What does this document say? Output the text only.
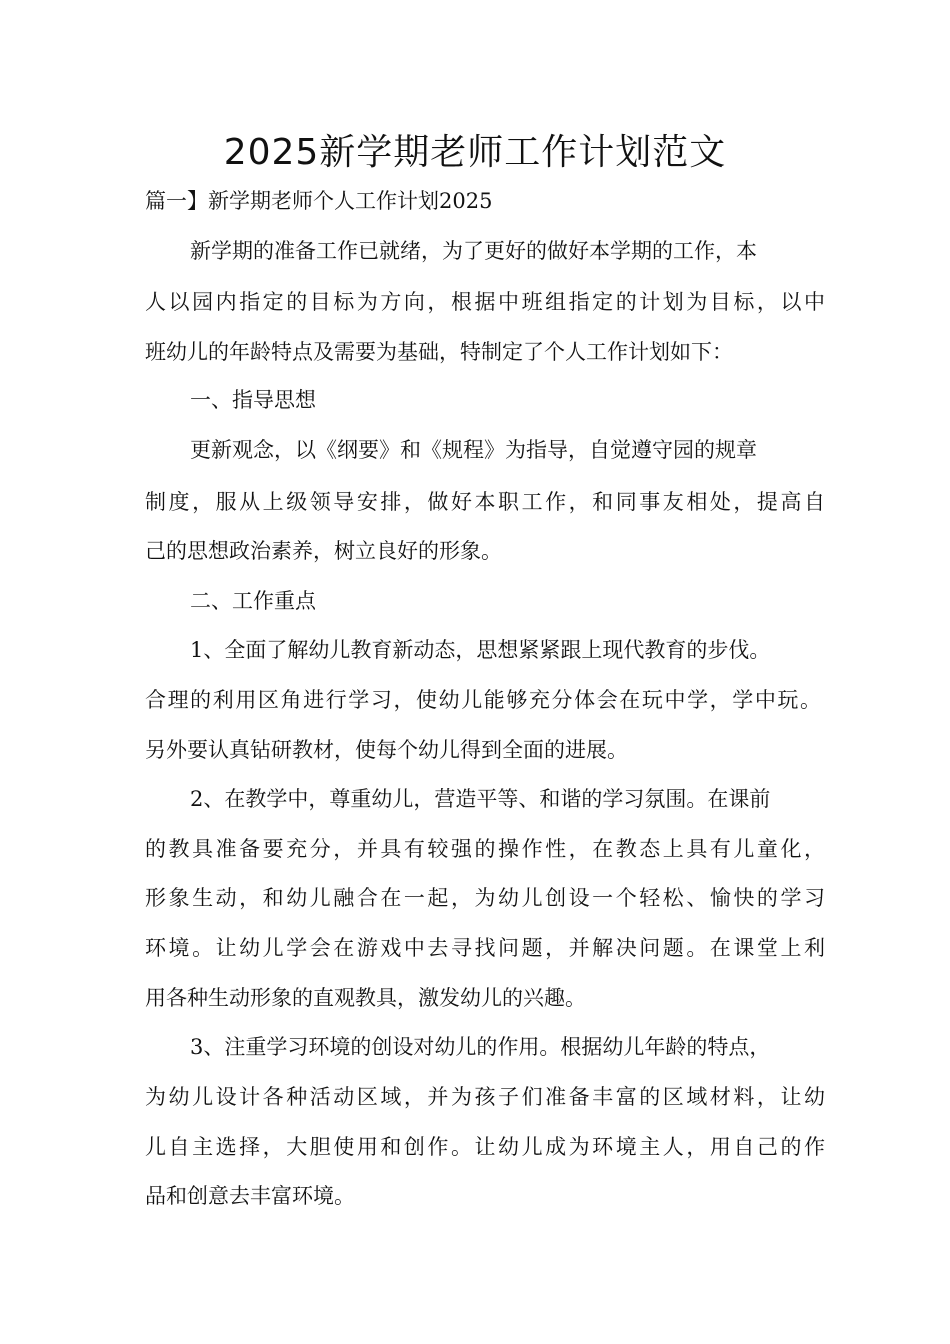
2025新学期老师工作计划范文
篇一】新学期老师个人工作计划2025
新学期的准备工作已就绪，为了更好的做好本学期的工作，本
人以园内指定的目标为方向，根据中班组指定的计划为目标，以中
班幼儿的年龄特点及需要为基础，特制定了个人工作计划如下：
一、指导思想
更新观念，以《纲要》和《规程》为指导，自觉遵守园的规章
制度，服从上级领导安排，做好本职工作，和同事友相处，提高自
己的思想政治素养，树立良好的形象。
二、工作重点
1、全面了解幼儿教育新动态，思想紧紧跟上现代教育的步伐。
合理的利用区角进行学习，使幼儿能够充分体会在玩中学，学中玩。
另外要认真钻研教材，使每个幼儿得到全面的进展。
2、在教学中，尊重幼儿，营造平等、和谐的学习氛围。在课前
的教具准备要充分，并具有较强的操作性，在教态上具有儿童化，
形象生动，和幼儿融合在一起，为幼儿创设一个轻松、愉快的学习
环境。让幼儿学会在游戏中去寻找问题，并解决问题。在课堂上利
用各种生动形象的直观教具，激发幼儿的兴趣。
3、注重学习环境的创设对幼儿的作用。根据幼儿年龄的特点，
为幼儿设计各种活动区域，并为孩子们准备丰富的区域材料，让幼
儿自主选择，大胆使用和创作。让幼儿成为环境主人，用自己的作
品和创意去丰富环境。
